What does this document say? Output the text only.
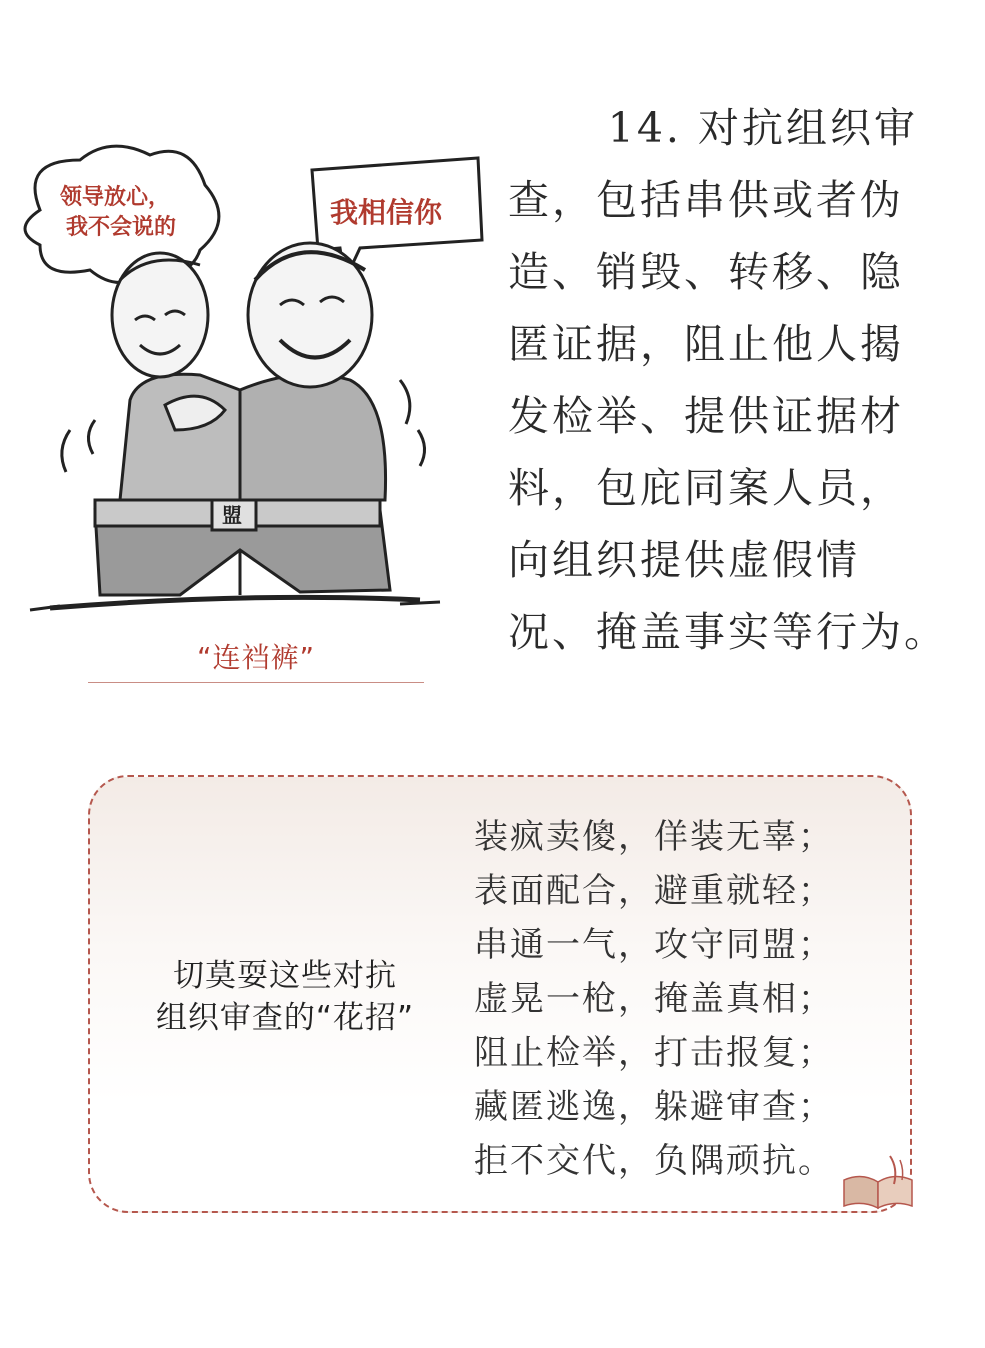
领导放心，
我不会说的	我相信你
盟
“连裆裤”
14. 对抗组织审
查，包括串供或者伪
造、销毁、转移、隐
匿证据，阻止他人揭
发检举、提供证据材
料，包庇同案人员，
向组织提供虚假情
况、掩盖事实等行为。
切莫耍这些对抗
组织审查的“花招”
装疯卖傻，佯装无辜；
表面配合，避重就轻；
串通一气，攻守同盟；
虚晃一枪，掩盖真相；
阻止检举，打击报复；
藏匿逃逸，躲避审查；
拒不交代，负隅顽抗。
